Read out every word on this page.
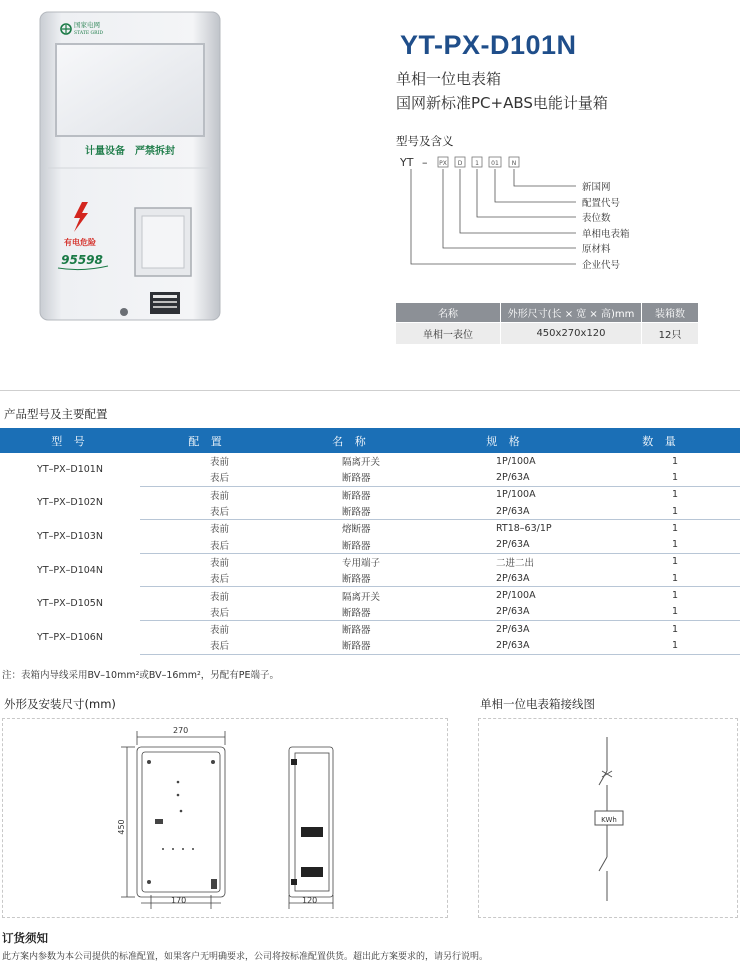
国家电网
STATE GRID
计量设备　严禁拆封
有电危险
95598
YT-PX-D101N
单相一位电表箱
国网新标准PC+ABS电能计量箱
型号及含义
YT – PX D 1 01 N
新国网
配置代号
表位数
单相电表箱
原材料
企业代号
名称	外形尺寸(长 × 宽 × 高)mm	装箱数
单相一表位	450x270x120	12只
产品型号及主要配置
型 号	配 置	名 称	规 格	数 量
YT–PX–D101N	表前	隔离开关	1P/100A	1
	表后	断路器	2P/63A	1
YT–PX–D102N	表前	断路器	1P/100A	1
	表后	断路器	2P/63A	1
YT–PX–D103N	表前	熔断器	RT18–63/1P	1
	表后	断路器	2P/63A	1
YT–PX–D104N	表前	专用端子	二进二出	1
	表后	断路器	2P/63A	1
YT–PX–D105N	表前	隔离开关	2P/100A	1
	表后	断路器	2P/63A	1
YT–PX–D106N	表前	断路器	2P/63A	1
	表后	断路器	2P/63A	1
注：表箱内导线采用BV–10mm²或BV–16mm²，另配有PE端子。
外形及安装尺寸(mm)	单相一位电表箱接线图
270
450
170	120
KWh
订货须知
此方案内参数为本公司提供的标准配置，如果客户无明确要求，公司将按标准配置供货。超出此方案要求的，请另行说明。
